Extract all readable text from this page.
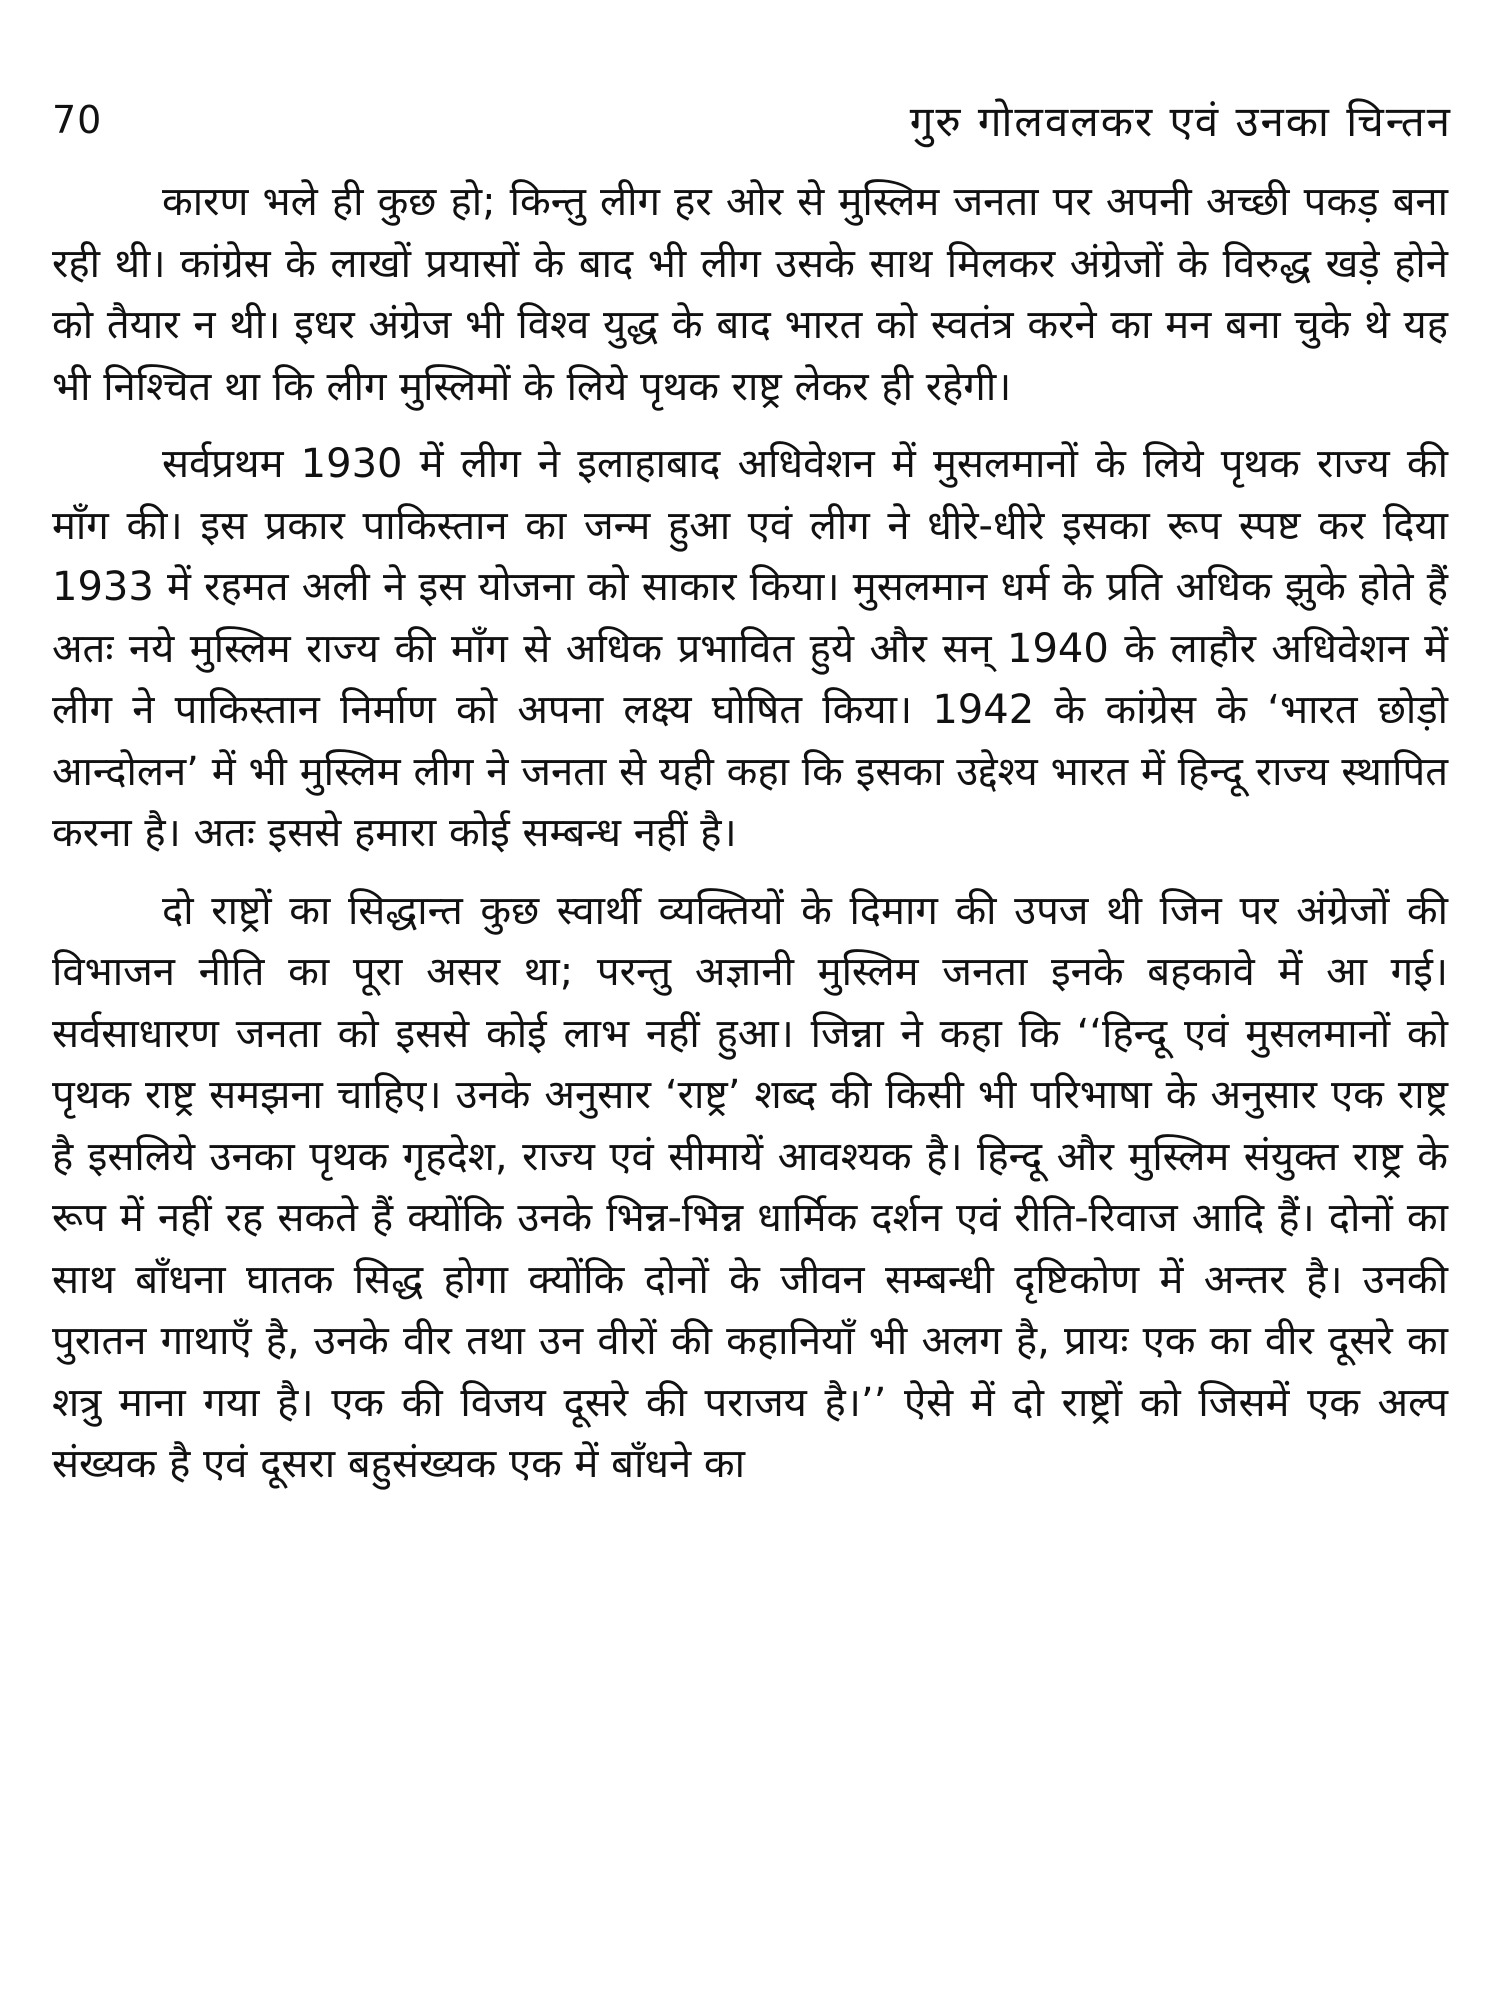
70	गुरु गोलवलकर एवं उनका चिन्तन

कारण भले ही कुछ हो; किन्तु लीग हर ओर से मुस्लिम जनता पर अपनी अच्छी पकड़ बना रही थी। कांग्रेस के लाखों प्रयासों के बाद भी लीग उसके साथ मिलकर अंग्रेजों के विरुद्ध खड़े होने को तैयार न थी। इधर अंग्रेज भी विश्व युद्ध के बाद भारत को स्वतंत्र करने का मन बना चुके थे यह भी निश्चित था कि लीग मुस्लिमों के लिये पृथक राष्ट्र लेकर ही रहेगी।

सर्वप्रथम 1930 में लीग ने इलाहाबाद अधिवेशन में मुसलमानों के लिये पृथक राज्य की माँग की। इस प्रकार पाकिस्तान का जन्म हुआ एवं लीग ने धीरे-धीरे इसका रूप स्पष्ट कर दिया 1933 में रहमत अली ने इस योजना को साकार किया। मुसलमान धर्म के प्रति अधिक झुके होते हैं अतः नये मुस्लिम राज्य की माँग से अधिक प्रभावित हुये और सन् 1940 के लाहौर अधिवेशन में लीग ने पाकिस्तान निर्माण को अपना लक्ष्य घोषित किया। 1942 के कांग्रेस के ‘भारत छोड़ो आन्दोलन’ में भी मुस्लिम लीग ने जनता से यही कहा कि इसका उद्देश्य भारत में हिन्दू राज्य स्थापित करना है। अतः इससे हमारा कोई सम्बन्ध नहीं है।

दो राष्ट्रों का सिद्धान्त कुछ स्वार्थी व्यक्तियों के दिमाग की उपज थी जिन पर अंग्रेजों की विभाजन नीति का पूरा असर था; परन्तु अज्ञानी मुस्लिम जनता इनके बहकावे में आ गई। सर्वसाधारण जनता को इससे कोई लाभ नहीं हुआ। जिन्ना ने कहा कि ‘‘हिन्दू एवं मुसलमानों को पृथक राष्ट्र समझना चाहिए। उनके अनुसार ‘राष्ट्र’ शब्द की किसी भी परिभाषा के अनुसार एक राष्ट्र है इसलिये उनका पृथक गृहदेश, राज्य एवं सीमायें आवश्यक है। हिन्दू और मुस्लिम संयुक्त राष्ट्र के रूप में नहीं रह सकते हैं क्योंकि उनके भिन्न-भिन्न धार्मिक दर्शन एवं रीति-रिवाज आदि हैं। दोनों का साथ बाँधना घातक सिद्ध होगा क्योंकि दोनों के जीवन सम्बन्धी दृष्टिकोण में अन्तर है। उनकी पुरातन गाथाएँ है, उनके वीर तथा उन वीरों की कहानियाँ भी अलग है, प्रायः एक का वीर दूसरे का शत्रु माना गया है। एक की विजय दूसरे की पराजय है।’’ ऐसे में दो राष्ट्रों को जिसमें एक अल्प संख्यक है एवं दूसरा बहुसंख्यक एक में बाँधने का
